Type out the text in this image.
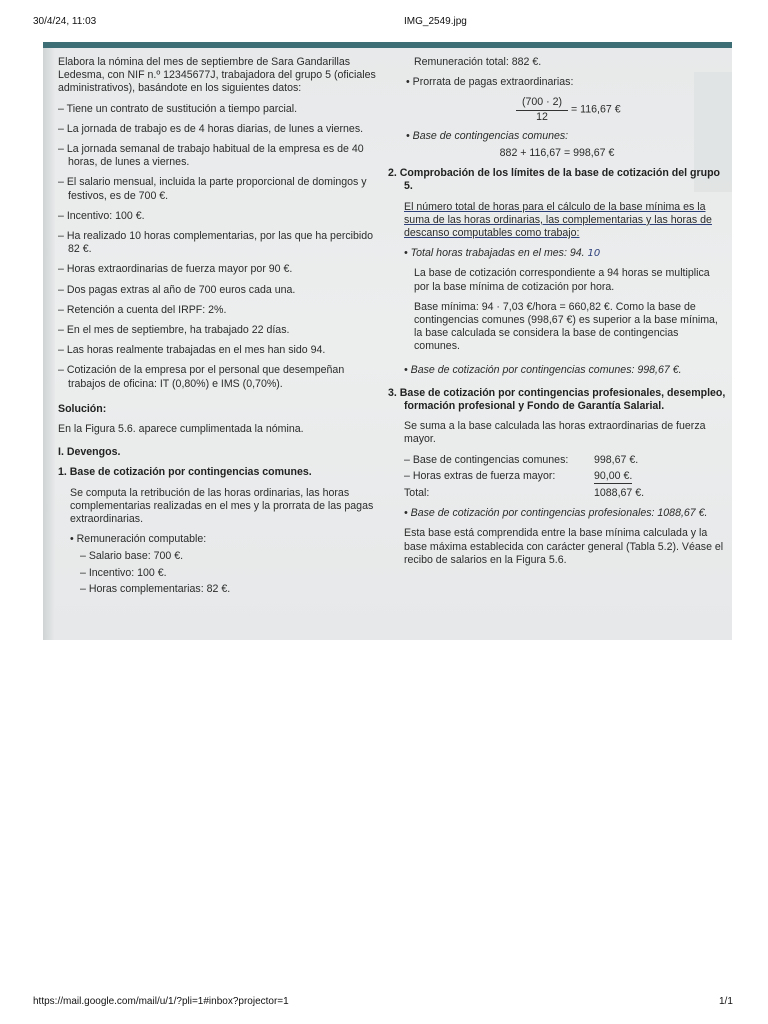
30/4/24, 11:03	IMG_2549.jpg

Elabora la nómina del mes de septiembre de Sara Gandarillas Ledesma, con NIF n.º 12345677J, trabajadora del grupo 5 (oficiales administrativos), basándote en los siguientes datos:

– Tiene un contrato de sustitución a tiempo parcial.
– La jornada de trabajo es de 4 horas diarias, de lunes a viernes.
– La jornada semanal de trabajo habitual de la empresa es de 40 horas, de lunes a viernes.
– El salario mensual, incluida la parte proporcional de domingos y festivos, es de 700 €.
– Incentivo: 100 €.
– Ha realizado 10 horas complementarias, por las que ha percibido 82 €.
– Horas extraordinarias de fuerza mayor por 90 €.
– Dos pagas extras al año de 700 euros cada una.
– Retención a cuenta del IRPF: 2%.
– En el mes de septiembre, ha trabajado 22 días.
– Las horas realmente trabajadas en el mes han sido 94.
– Cotización de la empresa por el personal que desempeñan trabajos de oficina: IT (0,80%) e IMS (0,70%).

Solución:

En la Figura 5.6. aparece cumplimentada la nómina.

I. Devengos.

1. Base de cotización por contingencias comunes.

Se computa la retribución de las horas ordinarias, las horas complementarias realizadas en el mes y la prorrata de las pagas extraordinarias.

• Remuneración computable:
– Salario base: 700 €.
– Incentivo: 100 €.
– Horas complementarias: 82 €.

Remuneración total: 882 €.

• Prorrata de pagas extraordinarias:

$\frac{(700 \cdot 2)}{12} = 116,67$ €

• Base de contingencias comunes:

882 + 116,67 = 998,67 €

2. Comprobación de los límites de la base de cotización del grupo 5.

El número total de horas para el cálculo de la base mínima es la suma de las horas ordinarias, las complementarias y las horas de descanso computables como trabajo:

• Total horas trabajadas en el mes: 94. 10

La base de cotización correspondiente a 94 horas se multiplica por la base mínima de cotización por hora.

Base mínima: 94 · 7,03 €/hora = 660,82 €. Como la base de contingencias comunes (998,67 €) es superior a la base mínima, la base calculada se considera la base de contingencias comunes.

• Base de cotización por contingencias comunes: 998,67 €.

3. Base de cotización por contingencias profesionales, desempleo, formación profesional y Fondo de Garantía Salarial.

Se suma a la base calculada las horas extraordinarias de fuerza mayor.

– Base de contingencias comunes:	998,67 €.
– Horas extras de fuerza mayor:	90,00 €.
Total:	1088,67 €.

• Base de cotización por contingencias profesionales: 1088,67 €.

Esta base está comprendida entre la base mínima calculada y la base máxima establecida con carácter general (Tabla 5.2). Véase el recibo de salarios en la Figura 5.6.

https://mail.google.com/mail/u/1/?pli=1#inbox?projector=1	1/1
